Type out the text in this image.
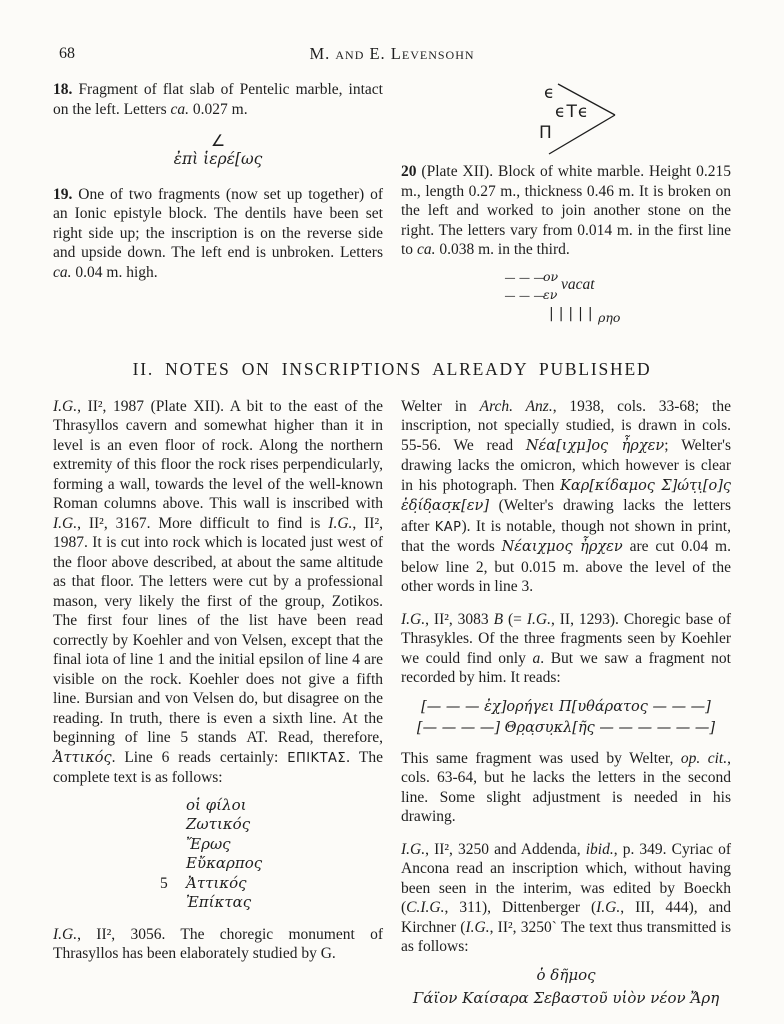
68	M. and E. Levensohn

18. Fragment of flat slab of Pentelic marble, intact on the left. Letters ca. 0.027 m.

∠
ἐπὶ ἱερέ[ως

19. One of two fragments (now set up together) of an Ionic epistyle block. The dentils have been set right side up; the inscription is on the reverse side and upside down. The left end is unbroken. Letters ca. 0.04 m. high.

ϵ
ϵΤϵ
Π

20 (Plate XII). Block of white marble. Height 0.215 m., length 0.27 m., thickness 0.46 m. It is broken on the left and worked to join another stone on the right. The letters vary from 0.014 m. in the first line to ca. 0.038 m. in the third.

— — —
ον vacat
— — —
εν
||||| ρηο
II. NOTES ON INSCRIPTIONS ALREADY PUBLISHED

I.G., II², 1987 (Plate XII). A bit to the east of the Thrasyllos cavern and somewhat higher than it in level is an even floor of rock. Along the northern extremity of this floor the rock rises perpendicularly, forming a wall, towards the level of the well-known Roman columns above. This wall is inscribed with I.G., II², 3167. More difficult to find is I.G., II², 1987. It is cut into rock which is located just west of the floor above described, at about the same altitude as that floor. The letters were cut by a professional mason, very likely the first of the group, Zotikos. The first four lines of the list have been read correctly by Koehler and von Velsen, except that the final iota of line 1 and the initial epsilon of line 4 are visible on the rock. Koehler does not give a fifth line. Bursian and von Velsen do, but disagree on the reading. In truth, there is even a sixth line. At the beginning of line 5 stands ΑΤ. Read, therefore, Ἀττικός. Line 6 reads certainly: ΕΠΙΚΤΑΣ. The complete text is as follows:

οἱ φίλοι
Ζωτικός
Ἔρως
Εὔκαρπος
5 Ἀττικός
Ἐπίκτας

I.G., II², 3056. The choregic monument of Thrasyllos has been elaborately studied by G.

Welter in Arch. Anz., 1938, cols. 33-68; the inscription, not specially studied, is drawn in cols. 55-56. We read Νέα[ιχμ]ος ἦρχεν; Welter's drawing lacks the omicron, which however is clear in his photograph. Then Καρ[κίδαμος Σ]ώτ̣ι̣[ο]ς ἐδ̣ίδ̣ασ̣κ[εν] (Welter's drawing lacks the letters after ΚΑΡ). It is notable, though not shown in print, that the words Νέαιχμος ἦρχεν are cut 0.04 m. below line 2, but 0.015 m. above the level of the other words in line 3.

I.G., II², 3083 B (= I.G., II, 1293). Choregic base of Thrasykles. Of the three fragments seen by Koehler we could find only a. But we saw a fragment not recorded by him. It reads:

[— — — ἐχ̣]ορήγει Π[υθάρατος — — —]
[— — — —] Θρ̣α̣συ̣κλ[ῆς — — — — — —]

This same fragment was used by Welter, op. cit., cols. 63-64, but he lacks the letters in the second line. Some slight adjustment is needed in his drawing.

I.G., II², 3250 and Addenda, ibid., p. 349. Cyriac of Ancona read an inscription which, without having been seen in the interim, was edited by Boeckh (C.I.G., 311), Dittenberger (I.G., III, 444), and Kirchner (I.G., II², 3250` The text thus transmitted is as follows:

ὁ δῆμος
Γάϊον Καίσαρα Σεβαστοῦ υἱὸν νέον Ἄρη
